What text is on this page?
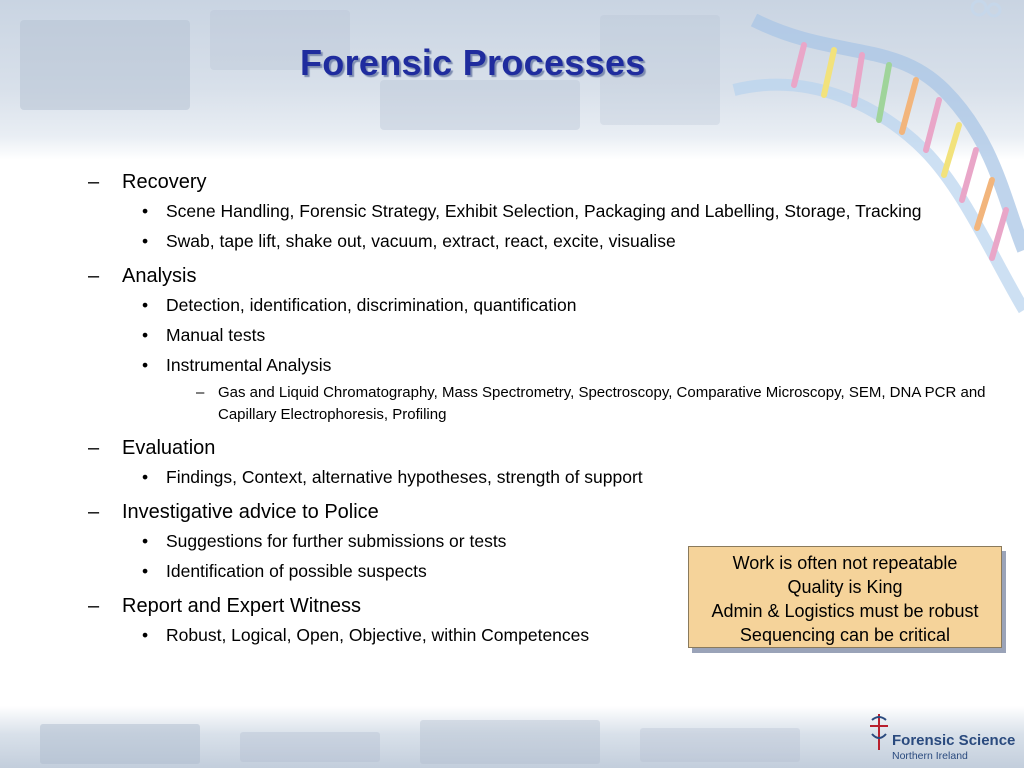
Forensic Processes
– Recovery
• Scene Handling, Forensic Strategy, Exhibit Selection, Packaging and Labelling, Storage, Tracking
• Swab, tape lift, shake out, vacuum, extract, react, excite, visualise
– Analysis
• Detection, identification, discrimination, quantification
• Manual tests
• Instrumental Analysis
– Gas and Liquid Chromatography, Mass Spectrometry, Spectroscopy, Comparative Microscopy, SEM, DNA PCR and Capillary Electrophoresis, Profiling
– Evaluation
• Findings, Context, alternative hypotheses, strength of support
– Investigative advice to Police
• Suggestions for further submissions or tests
• Identification of possible suspects
– Report and Expert Witness
• Robust, Logical, Open, Objective, within Competences
Work is often not repeatable
Quality is King
Admin & Logistics must be robust
Sequencing can be critical
Forensic Science
Northern Ireland
